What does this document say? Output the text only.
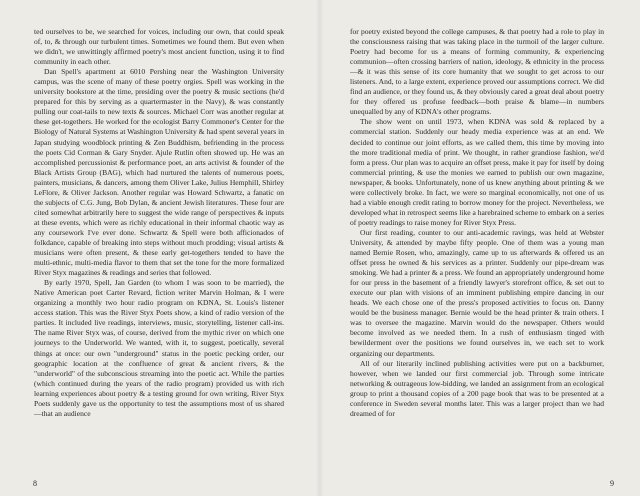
ted ourselves to be, we searched for voices, including our own, that could speak of, to, & through our turbulent times. Sometimes we found them. But even when we didn't, we unwittingly affirmed poetry's most ancient function, using it to find community in each other.

Dan Spell's apartment at 6010 Pershing near the Washington University campus, was the scene of many of these poetry orgies. Spell was working in the university bookstore at the time, presiding over the poetry & music sections (he'd prepared for this by serving as a quartermaster in the Navy), & was constantly pulling our coat-tails to new texts & sources. Michael Corr was another regular at these get-togethers. He worked for the ecologist Barry Commoner's Center for the Biology of Natural Systems at Washington University & had spent several years in Japan studying woodblock printing & Zen Buddhism, befriending in the process the poets Cid Corman & Gary Snyder. Ajule Rutlin often showed up. He was an accomplished percussionist & performance poet, an arts activist & founder of the Black Artists Group (BAG), which had nurtured the talents of numerous poets, painters, musicians, & dancers, among them Oliver Lake, Julius Hemphill, Shirley LeFlore, & Oliver Jackson. Another regular was Howard Schwartz, a fanatic on the subjects of C.G. Jung, Bob Dylan, & ancient Jewish literatures. These four are cited somewhat arbitrarily here to suggest the wide range of perspectives & inputs at these events, which were as richly educational in their informal chaotic way as any coursework I've ever done. Schwartz & Spell were both afficionados of folkdance, capable of breaking into steps without much prodding; visual artists & musicians were often present, & these early get-togethers tended to have the multi-ethnic, multi-media flavor to them that set the tone for the more formalized River Styx magazines & readings and series that followed.

By early 1970, Spell, Jan Garden (to whom I was soon to be married), the Native American poet Carter Revard, fiction writer Marvin Holman, & I were organizing a monthly two hour radio program on KDNA, St. Louis's listener access station. This was the River Styx Poets show, a kind of radio version of the parties. It included live readings, interviews, music, storytelling, listener call-ins. The name River Styx was, of course, derived from the mythic river on which one journeys to the Underworld. We wanted, with it, to suggest, poetically, several things at once: our own "underground" status in the poetic pecking order, our geographic location at the confluence of great & ancient rivers, & the "underworld" of the subconscious streaming into the poetic act. While the parties (which continued during the years of the radio program) provided us with rich learning experiences about poetry & a testing ground for own writing, River Styx Poets suddenly gave us the opportunity to test the assumptions most of us shared—that an audience

8

for poetry existed beyond the college campuses, & that poetry had a role to play in the consciousness raising that was taking place in the turmoil of the larger culture. Poetry had become for us a means of forming community, & experiencing communion—often crossing barriers of nation, ideology, & ethnicity in the process—& it was this sense of its core humanity that we sought to get across to our listeners. And, to a large extent, experience proved our assumptions correct. We did find an audience, or they found us, & they obviously cared a great deal about poetry for they offered us profuse feedback—both praise & blame—in numbers unequalled by any of KDNA's other programs.

The show went on until 1973, when KDNA was sold & replaced by a commercial station. Suddenly our heady media experience was at an end. We decided to continue our joint efforts, as we called them, this time by moving into the more traditional media of print. We thought, in rather grandiose fashion, we'd form a press. Our plan was to acquire an offset press, make it pay for itself by doing commercial printing, & use the monies we earned to publish our own magazine, newspaper, & books. Unfortunately, none of us knew anything about printing & we were collectively broke. In fact, we were so marginal economically, not one of us had a viable enough credit rating to borrow money for the project. Nevertheless, we developed what in retrospect seems like a harebrained scheme to embark on a series of poetry readings to raise money for River Styx Press.

Our first reading, counter to our anti-academic ravings, was held at Webster University, & attended by maybe fifty people. One of them was a young man named Bernie Rosen, who, amazingly, came up to us afterwards & offered us an offset press he owned & his services as a printer. Suddenly our pipe-dream was smoking. We had a printer & a press. We found an appropriately underground home for our press in the basement of a friendly lawyer's storefront office, & set out to execute our plan with visions of an imminent publishing empire dancing in our heads. We each chose one of the press's proposed activities to focus on. Danny would be the business manager. Bernie would be the head printer & train others. I was to oversee the magazine. Marvin would do the newspaper. Others would become involved as we needed them. In a rush of enthusiasm tinged with bewilderment over the positions we found ourselves in, we each set to work organizing our departments.

All of our literarily inclined publishing activities were put on a backburner, however, when we landed our first commercial job. Through some intricate networking & outrageous low-bidding, we landed an assignment from an ecological group to print a thousand copies of a 200 page book that was to be presented at a conference in Sweden several months later. This was a larger project than we had dreamed of for

9
